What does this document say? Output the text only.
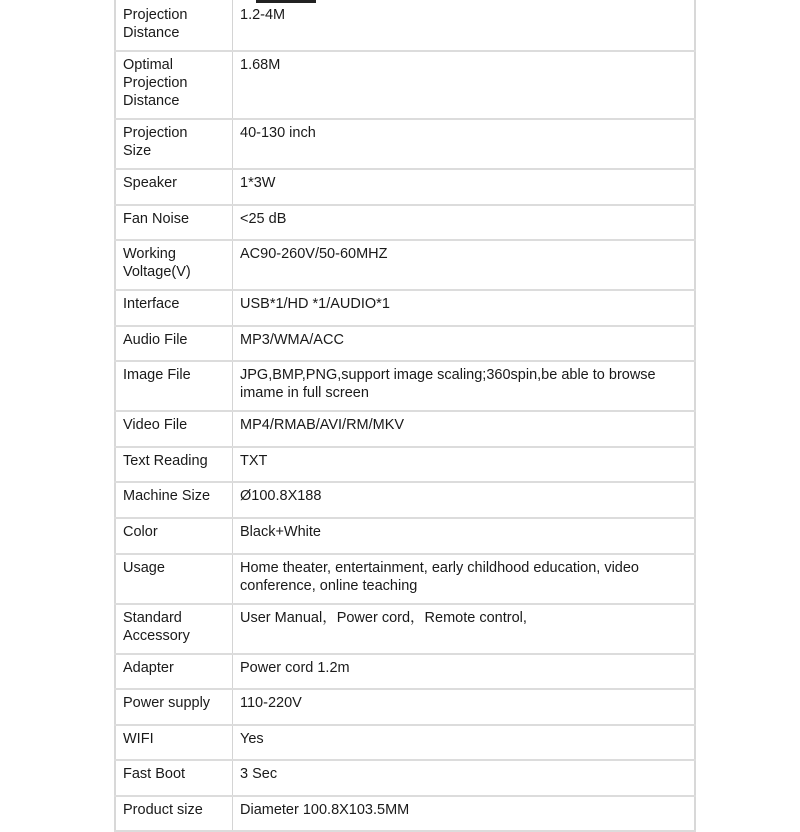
Projection
Distance	1.2-4M
Optimal
Projection
Distance	1.68M
Projection
Size	40-130 inch
Speaker	1*3W
Fan Noise	<25 dB
Working
Voltage(V)	AC90-260V/50-60MHZ
Interface	USB*1/HD *1/AUDIO*1
Audio File	MP3/WMA/ACC
Image File	JPG,BMP,PNG,support image scaling;360spin,be able to browse imame in full screen
Video File	MP4/RMAB/AVI/RM/MKV
Text Reading	TXT
Machine Size	Ø100.8X188
Color	Black+White
Usage	Home theater, entertainment, early childhood education, video conference, online teaching
Standard
Accessory	User Manual，Power cord，Remote control,
Adapter	Power cord 1.2m
Power supply	110-220V
WIFI	Yes
Fast Boot	3 Sec
Product size	Diameter 100.8X103.5MM
